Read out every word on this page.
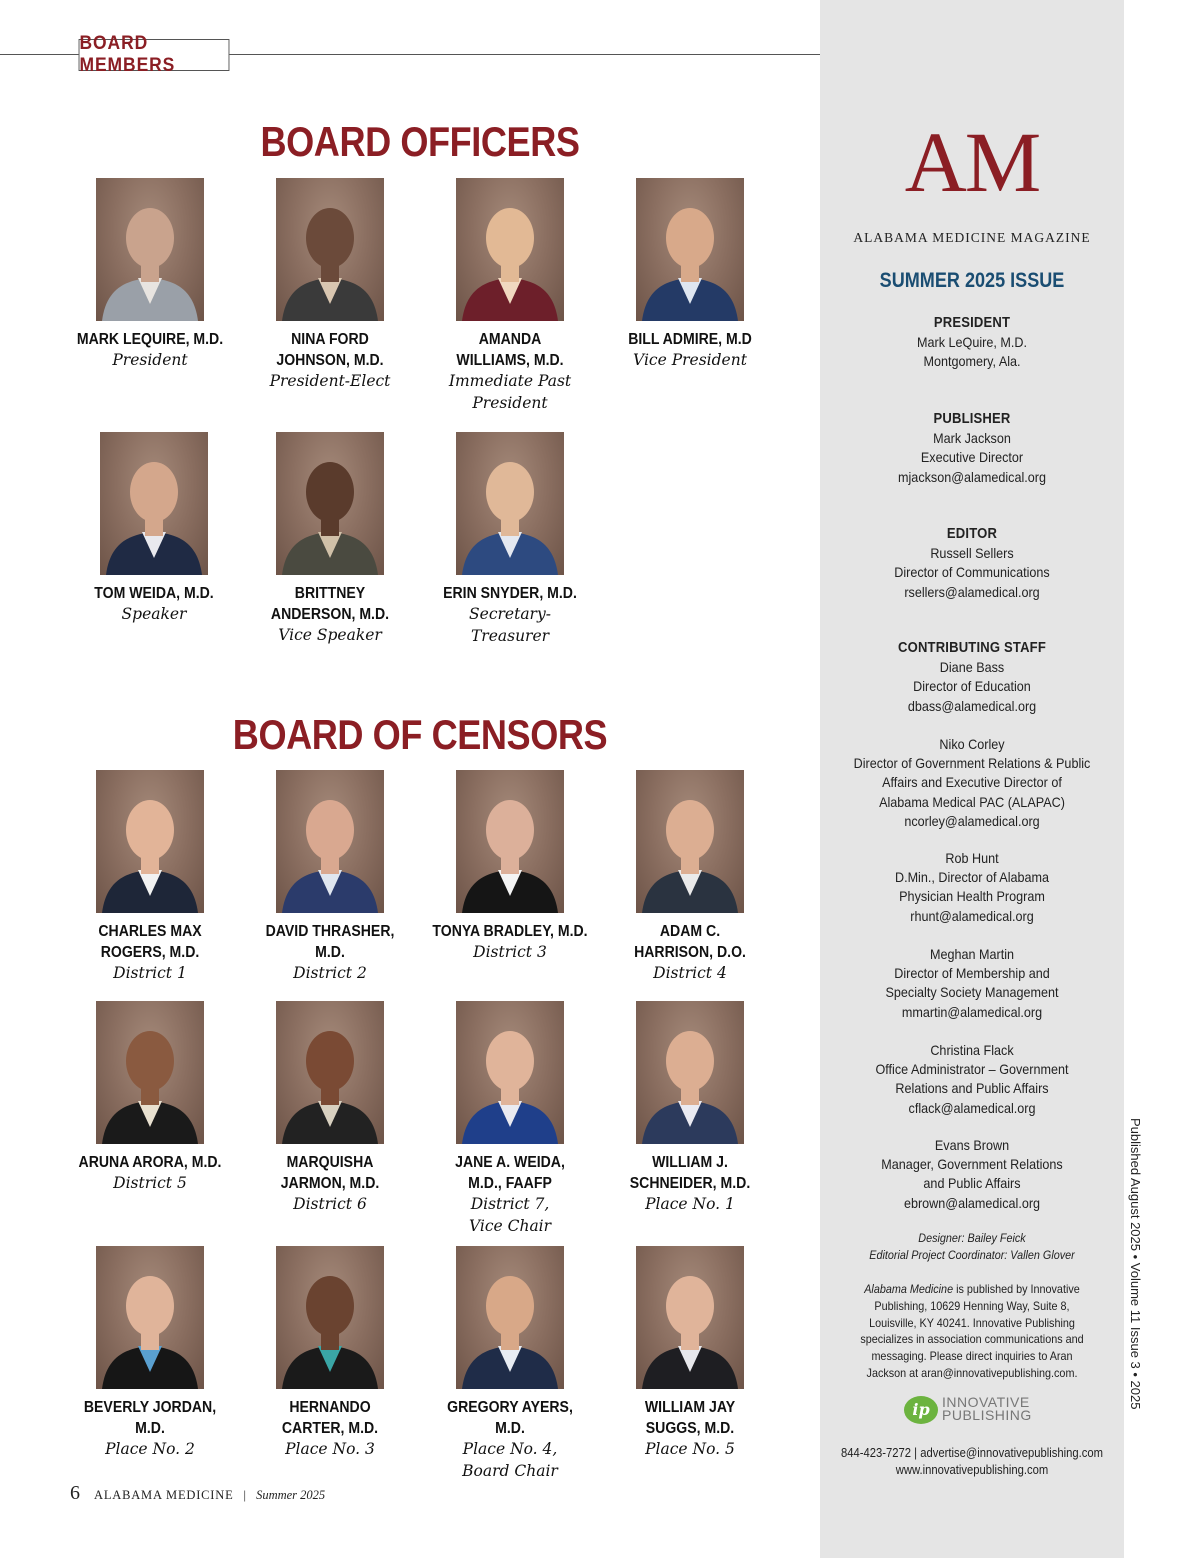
BOARD MEMBERS
BOARD OFFICERS
MARK LEQUIRE, M.D.
President
NINA FORD
JOHNSON, M.D.
President-Elect
AMANDA
WILLIAMS, M.D.
Immediate Past
President
BILL ADMIRE, M.D
Vice President
TOM WEIDA, M.D.
Speaker
BRITTNEY
ANDERSON, M.D.
Vice Speaker
ERIN SNYDER, M.D.
Secretary-
Treasurer
BOARD OF CENSORS
CHARLES MAX
ROGERS, M.D.
District 1
DAVID THRASHER, M.D.
District 2
TONYA BRADLEY, M.D.
District 3
ADAM C.
HARRISON, D.O.
District 4
ARUNA ARORA, M.D.
District 5
MARQUISHA
JARMON, M.D.
District 6
JANE A. WEIDA,
M.D., FAAFP
District 7,
Vice Chair
WILLIAM J.
SCHNEIDER, M.D.
Place No. 1
BEVERLY JORDAN, M.D.
Place No. 2
HERNANDO
CARTER, M.D.
Place No. 3
GREGORY AYERS, M.D.
Place No. 4,
Board Chair
WILLIAM JAY
SUGGS, M.D.
Place No. 5
AM
ALABAMA MEDICINE MAGAZINE
SUMMER 2025 ISSUE
PRESIDENT
Mark LeQuire, M.D.
Montgomery, Ala.
PUBLISHER
Mark Jackson
Executive Director
mjackson@alamedical.org
EDITOR
Russell Sellers
Director of Communications
rsellers@alamedical.org
CONTRIBUTING STAFF
Diane Bass
Director of Education
dbass@alamedical.org
Niko Corley
Director of Government Relations & Public
Affairs and Executive Director of
Alabama Medical PAC (ALAPAC)
ncorley@alamedical.org
Rob Hunt
D.Min., Director of Alabama
Physician Health Program
rhunt@alamedical.org
Meghan Martin
Director of Membership and
Specialty Society Management
mmartin@alamedical.org
Christina Flack
Office Administrator – Government
Relations and Public Affairs
cflack@alamedical.org
Evans Brown
Manager, Government Relations
and Public Affairs
ebrown@alamedical.org
Designer: Bailey Feick
Editorial Project Coordinator: Vallen Glover
Alabama Medicine is published by Innovative Publishing, 10629 Henning Way, Suite 8, Louisville, KY 40241. Innovative Publishing specializes in association communications and messaging. Please direct inquiries to Aran Jackson at aran@innovativepublishing.com.
ip INNOVATIVE
PUBLISHING
844-423-7272 | advertise@innovativepublishing.com
www.innovativepublishing.com
Published August 2025 • Volume 11 Issue 3 • 2025
6 ALABAMA MEDICINE | Summer 2025
